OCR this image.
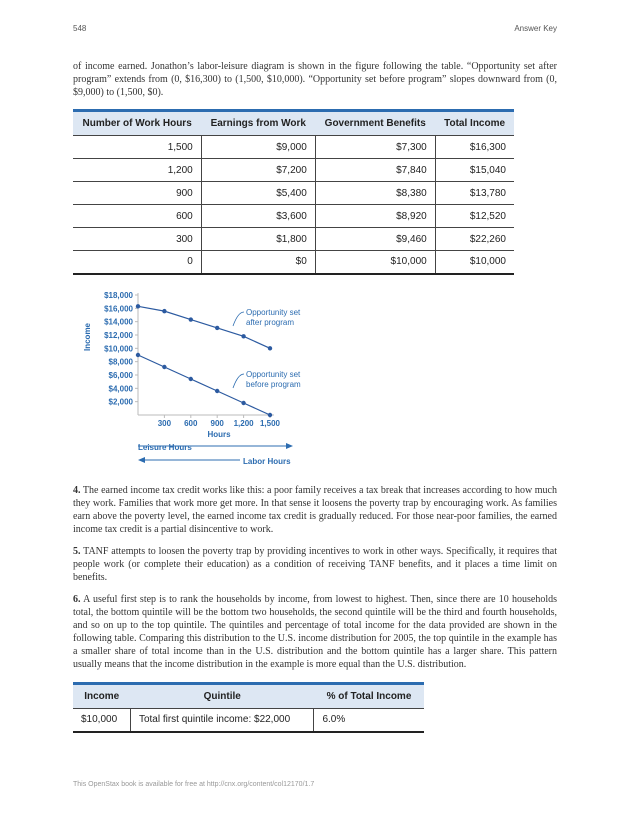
548	Answer Key

of income earned. Jonathon’s labor-leisure diagram is shown in the figure following the table. “Opportunity set after program” extends from (0, $16,300) to (1,500, $10,000). “Opportunity set before program” slopes downward from (0, $9,000) to (1,500, $0).

Number of Work Hours	Earnings from Work	Government Benefits	Total Income
1,500	$9,000	$7,300	$16,300
1,200	$7,200	$7,840	$15,040
900	$5,400	$8,380	$13,780
600	$3,600	$8,920	$12,520
300	$1,800	$9,460	$22,260
0	$0	$10,000	$10,000
Income
Hours
Leisure Hours
Labor Hours
$2,000
$4,000
$6,000
$8,000
$10,000
$12,000
$14,000
$16,000
$18,000
300 600 900 1,200 1,500
Opportunity set
after program
Opportunity set
before program

4. The earned income tax credit works like this: a poor family receives a tax break that increases according to how much they work. Families that work more get more. In that sense it loosens the poverty trap by encouraging work. As families earn above the poverty level, the earned income tax credit is gradually reduced. For those near-poor families, the earned income tax credit is a partial disincentive to work.

5. TANF attempts to loosen the poverty trap by providing incentives to work in other ways. Specifically, it requires that people work (or complete their education) as a condition of receiving TANF benefits, and it places a time limit on benefits.

6. A useful first step is to rank the households by income, from lowest to highest. Then, since there are 10 households total, the bottom quintile will be the bottom two households, the second quintile will be the third and fourth households, and so on up to the top quintile. The quintiles and percentage of total income for the data provided are shown in the following table. Comparing this distribution to the U.S. income distribution for 2005, the top quintile in the example has a smaller share of total income than in the U.S. distribution and the bottom quintile has a larger share. This pattern usually means that the income distribution in the example is more equal than the U.S. distribution.

Income	Quintile	% of Total Income
$10,000	Total first quintile income: $22,000	6.0%
This OpenStax book is available for free at http://cnx.org/content/col12170/1.7
